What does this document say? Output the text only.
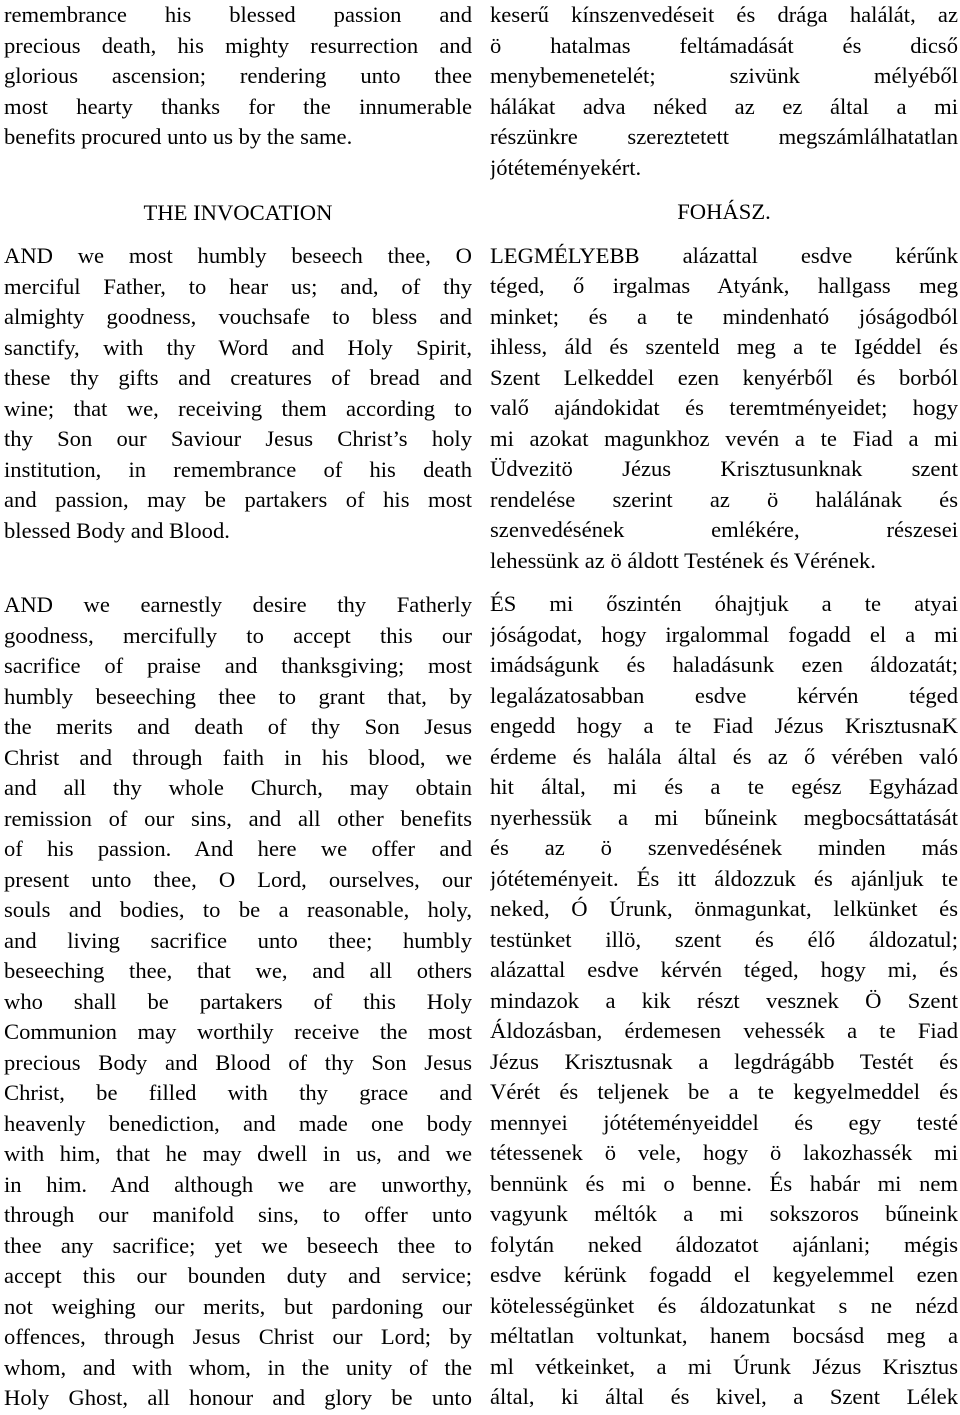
remembrance his blessed passion and
precious death, his mighty resurrection and
glorious ascension; rendering unto thee
most hearty thanks for the innumerable
benefits procured unto us by the same.
THE INVOCATION
AND we most humbly beseech thee, O
merciful Father, to hear us; and, of thy
almighty goodness, vouchsafe to bless and
sanctify, with thy Word and Holy Spirit,
these thy gifts and creatures of bread and
wine; that we, receiving them according to
thy Son our Saviour Jesus Christ’s holy
institution, in remembrance of his death
and passion, may be partakers of his most
blessed Body and Blood.
AND we earnestly desire thy Fatherly
goodness, mercifully to accept this our
sacrifice of praise and thanksgiving; most
humbly beseeching thee to grant that, by
the merits and death of thy Son Jesus
Christ and through faith in his blood, we
and all thy whole Church, may obtain
remission of our sins, and all other benefits
of his passion. And here we offer and
present unto thee, O Lord, ourselves, our
souls and bodies, to be a reasonable, holy,
and living sacrifice unto thee; humbly
beseeching thee, that we, and all others
who shall be partakers of this Holy
Communion may worthily receive the most
precious Body and Blood of thy Son Jesus
Christ, be filled with thy grace and
heavenly benediction, and made one body
with him, that he may dwell in us, and we
in him. And although we are unworthy,
through our manifold sins, to offer unto
thee any sacrifice; yet we beseech thee to
accept this our bounden duty and service;
not weighing our merits, but pardoning our
offences, through Jesus Christ our Lord; by
whom, and with whom, in the unity of the
Holy Ghost, all honour and glory be unto
keserű kínszenvedéseit és drága halálát, az
ö hatalmas feltámadását és dicső
menybemenetelét; szivünk mélyéből
hálákat adva néked az ez által a mi
részünkre szereztetett megszámlálhatatlan
jótéteményekért.
FOHÁSZ.
LEGMÉLYEBB alázattal esdve kérűnk
téged, ő irgalmas Atyánk, hallgass meg
minket; és a te mindenható jóságodból
ihless, áld és szenteld meg a te Igéddel és
Szent Lelkeddel ezen kenyérből és borból
valő ajándokidat és teremtményeidet; hogy
mi azokat magunkhoz vevén a te Fiad a mi
Üdvezitö Jézus Krisztusunknak szent
rendelése szerint az ö halálának és
szenvedésének emlékére, részesei
lehessünk az ö áldott Testének és Vérének.
ÉS mi őszintén óhajtjuk a te atyai
jóságodat, hogy irgalommal fogadd el a mi
imádságunk és haladásunk ezen áldozatát;
legalázatosabban esdve kérvén téged
engedd hogy a te Fiad Jézus KrisztusnaK
érdeme és halála által és az ő vérében való
hit által, mi és a te egész Egyházad
nyerhessük a mi bűneink megbocsáttatását
és az ö szenvedésének minden más
jótéteményeit. És itt áldozzuk és ajánljuk te
neked, Ó Úrunk, önmagunkat, lelkünket és
testünket illö, szent és élő áldozatul;
alázattal esdve kérvén téged, hogy mi, és
mindazok a kik részt vesznek Ö Szent
Áldozásban, érdemesen vehessék a te Fiad
Jézus Krisztusnak a legdrágább Testét és
Vérét és teljenek be a te kegyelmeddel és
mennyei jótéteményeiddel és egy testé
tétessenek ö vele, hogy ö lakozhassék mi
bennünk és mi o benne. És habár mi nem
vagyunk méltók a mi sokszoros bűneink
folytán neked áldozatot ajánlani; mégis
esdve kérünk fogadd el kegyelemmel ezen
kötelességünket és áldozatunkat s ne nézd
méltatlan voltunkat, hanem bocsásd meg a
ml vétkeinket, a mi Úrunk Jézus Krisztus
által, ki által és kivel, a Szent Lélek
